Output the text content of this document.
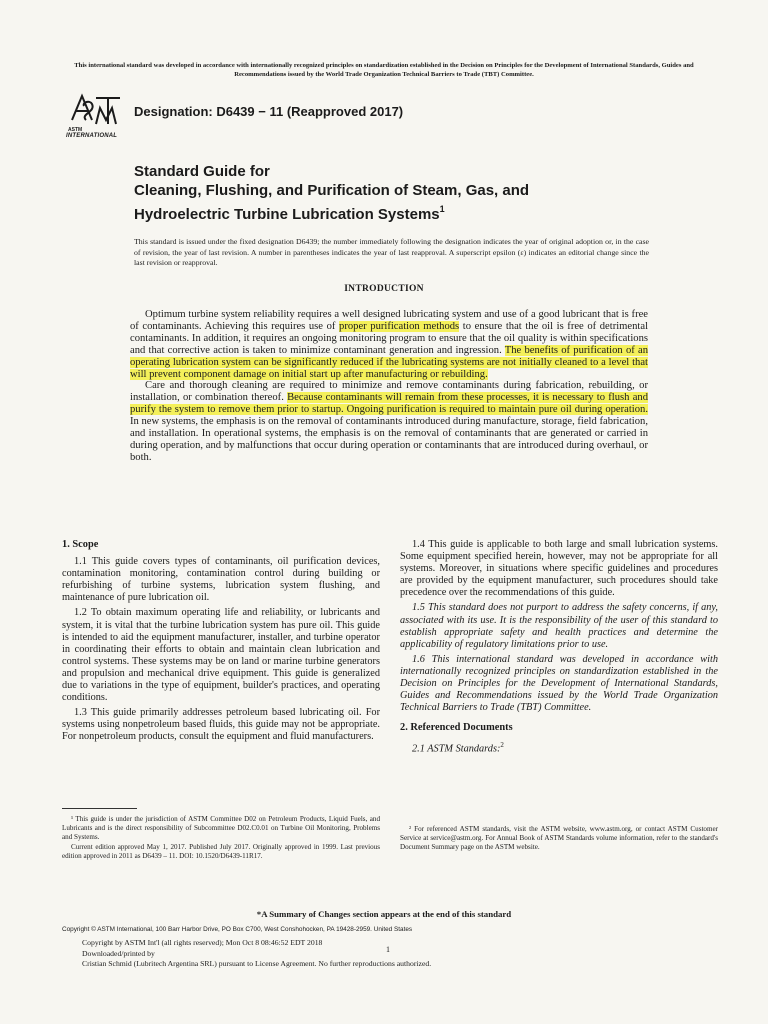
This international standard was developed in accordance with internationally recognized principles on standardization established in the Decision on Principles for the Development of International Standards, Guides and Recommendations issued by the World Trade Organization Technical Barriers to Trade (TBT) Committee.
ASTM
INTERNATIONAL
Designation: D6439 − 11 (Reapproved 2017)
Standard Guide for
Cleaning, Flushing, and Purification of Steam, Gas, and
Hydroelectric Turbine Lubrication Systems$^1$
This standard is issued under the fixed designation D6439; the number immediately following the designation indicates the year of original adoption or, in the case of revision, the year of last revision. A number in parentheses indicates the year of last reapproval. A superscript epsilon (ε) indicates an editorial change since the last revision or reapproval.
INTRODUCTION

Optimum turbine system reliability requires a well designed lubricating system and use of a good lubricant that is free of contaminants. Achieving this requires use of proper purification methods to ensure that the oil is free of detrimental contaminants. In addition, it requires an ongoing monitoring program to ensure that the oil quality is within specifications and that corrective action is taken to minimize contaminant generation and ingression. The benefits of purification of an operating lubrication system can be significantly reduced if the lubricating systems are not initially cleaned to a level that will prevent component damage on initial start up after manufacturing or rebuilding.

Care and thorough cleaning are required to minimize and remove contaminants during fabrication, rebuilding, or installation, or combination thereof. Because contaminants will remain from these processes, it is necessary to flush and purify the system to remove them prior to startup. Ongoing purification is required to maintain pure oil during operation. In new systems, the emphasis is on the removal of contaminants introduced during manufacture, storage, field fabrication, and installation. In operational systems, the emphasis is on the removal of contaminants that are generated or carried in during operation, and by malfunctions that occur during operation or contaminants that are introduced during overhaul, or both.

1. Scope

1.1 This guide covers types of contaminants, oil purification devices, contamination monitoring, contamination control during building or refurbishing of turbine systems, lubrication system flushing, and maintenance of pure lubrication oil.

1.2 To obtain maximum operating life and reliability, or lubricants and system, it is vital that the turbine lubrication system has pure oil. This guide is intended to aid the equipment manufacturer, installer, and turbine operator in coordinating their efforts to obtain and maintain clean lubrication and control systems. These systems may be on land or marine turbine generators and propulsion and mechanical drive equipment. This guide is generalized due to variations in the type of equipment, builder's practices, and operating conditions.

1.3 This guide primarily addresses petroleum based lubricating oil. For systems using nonpetroleum based fluids, this guide may not be appropriate. For nonpetroleum products, consult the equipment and fluid manufacturers.

1.4 This guide is applicable to both large and small lubrication systems. Some equipment specified herein, however, may not be appropriate for all systems. Moreover, in situations where specific guidelines and procedures are provided by the equipment manufacturer, such procedures should take precedence over the recommendations of this guide.

1.5 This standard does not purport to address the safety concerns, if any, associated with its use. It is the responsibility of the user of this standard to establish appropriate safety and health practices and determine the applicability of regulatory limitations prior to use.

1.6 This international standard was developed in accordance with internationally recognized principles on standardization established in the Decision on Principles for the Development of International Standards, Guides and Recommendations issued by the World Trade Organization Technical Barriers to Trade (TBT) Committee.

2. Referenced Documents

2.1 ASTM Standards:$^2$

¹ This guide is under the jurisdiction of ASTM Committee D02 on Petroleum Products, Liquid Fuels, and Lubricants and is the direct responsibility of Subcommittee D02.C0.01 on Turbine Oil Monitoring, Problems and Systems.

Current edition approved May 1, 2017. Published July 2017. Originally approved in 1999. Last previous edition approved in 2011 as D6439 – 11. DOI: 10.1520/D6439-11R17.

² For referenced ASTM standards, visit the ASTM website, www.astm.org, or contact ASTM Customer Service at service@astm.org. For Annual Book of ASTM Standards volume information, refer to the standard's Document Summary page on the ASTM website.

*A Summary of Changes section appears at the end of this standard
Copyright © ASTM International, 100 Barr Harbor Drive, PO Box C700, West Conshohocken, PA 19428-2959. United States
Copyright by ASTM Int'l (all rights reserved); Mon Oct 8 08:46:52 EDT 2018
Downloaded/printed by
Cristian Schmid (Lubritech Argentina SRL) pursuant to License Agreement. No further reproductions authorized.
1
